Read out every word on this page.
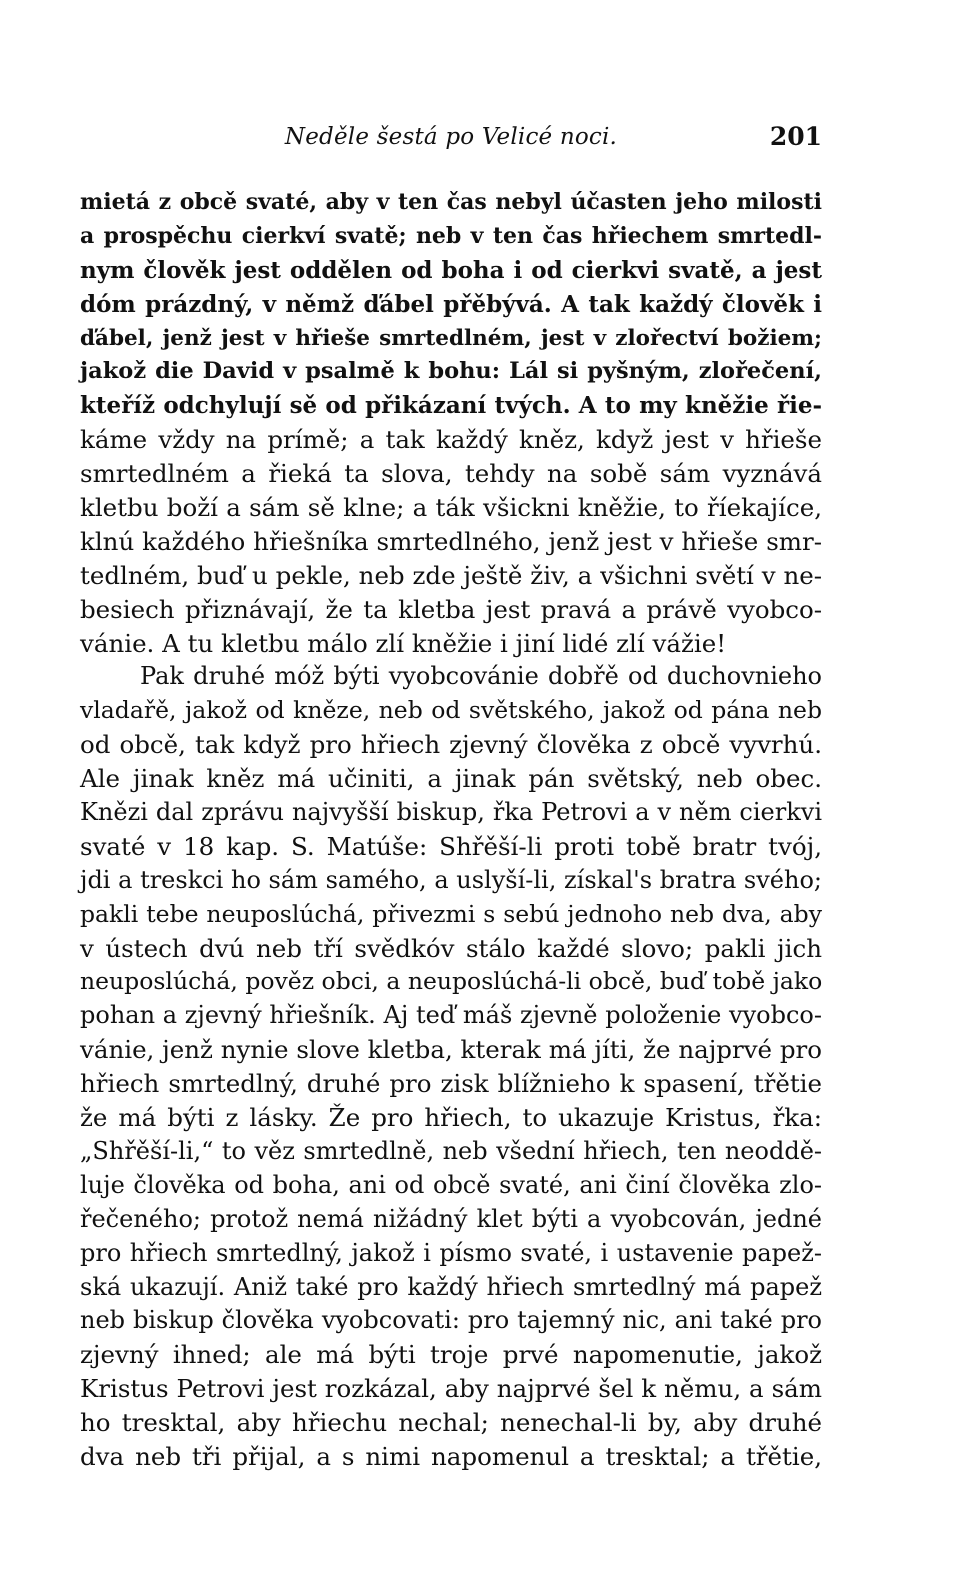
Neděle šestá po Velicé noci.	201
mietá z obcě svaté, aby v ten čas nebyl účasten jeho milosti
a prospěchu cierkví svatě; neb v ten čas hřiechem smrtedl-
nym člověk jest oddělen od boha i od cierkvi svatě, a jest
dóm prázdný, v němž ďábel přěbývá. A tak každý člověk i
ďábel, jenž jest v hřieše smrtedlném, jest v zlořectví božiem;
jakož die David v psalmě k bohu: Lál si pyšným, zlořečení,
kteříž odchylují sě od přikázaní tvých. A to my kněžie řie-
káme vždy na prímě; a tak každý kněz, když jest v hřieše
smrtedlném a řieká ta slova, tehdy na sobě sám vyznává
kletbu boží a sám sě klne; a ták všickni kněžie, to říekajíce,
klnú každého hřiešníka smrtedlného, jenž jest v hřieše smr-
tedlném, buď u pekle, neb zde ještě živ, a všichni světí v ne-
besiech přiznávají, že ta kletba jest pravá a právě vyobco-
vánie. A tu kletbu málo zlí kněžie i jiní lidé zlí vážie!
Pak druhé móž býti vyobcovánie dobřě od duchovnieho
vladařě, jakož od kněze, neb od světského, jakož od pána neb
od obcě, tak když pro hřiech zjevný člověka z obcě vyvrhú.
Ale jinak kněz má učiniti, a jinak pán světský, neb obec.
Knězi dal zprávu najvyšší biskup, řka Petrovi a v něm cierkvi
svaté v 18 kap. S. Matúše: Shřěší-li proti tobě bratr tvój,
jdi a treskci ho sám samého, a uslyší-li, získal's bratra svého;
pakli tebe neuposlúchá, přivezmi s sebú jednoho neb dva, aby
v ústech dvú neb tří svědkóv stálo každé slovo; pakli jich
neuposlúchá, pověz obci, a neuposlúchá-li obcě, buď tobě jako
pohan a zjevný hřiešník. Aj teď máš zjevně položenie vyobco-
vánie, jenž nynie slove kletba, kterak má jíti, že najprvé pro
hřiech smrtedlný, druhé pro zisk blížnieho k spasení, třětie
že má býti z lásky. Že pro hřiech, to ukazuje Kristus, řka:
„Shřěší-li,“ to věz smrtedlně, neb všední hřiech, ten neoddě-
luje člověka od boha, ani od obcě svaté, ani činí člověka zlo-
řečeného; protož nemá nižádný klet býti a vyobcován, jedné
pro hřiech smrtedlný, jakož i písmo svaté, i ustavenie papež-
ská ukazují. Aniž také pro každý hřiech smrtedlný má papež
neb biskup člověka vyobcovati: pro tajemný nic, ani také pro
zjevný ihned; ale má býti troje prvé napomenutie, jakož
Kristus Petrovi jest rozkázal, aby najprvé šel k němu, a sám
ho tresktal, aby hřiechu nechal; nenechal-li by, aby druhé
dva neb tři přijal, a s nimi napomenul a tresktal; a třětie,
